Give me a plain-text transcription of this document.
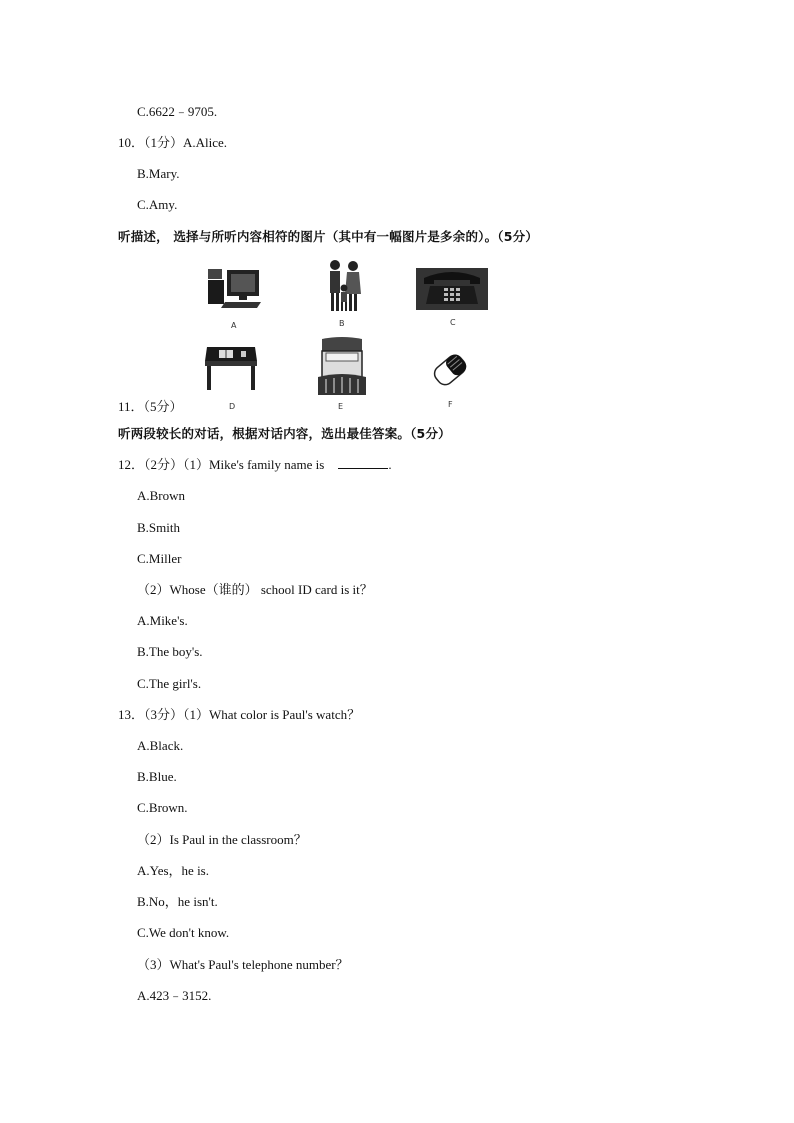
C.6622﹣9705.
10．（1分）A.Alice.
B.Mary.
C.Amy.
听描述， 选择与所听内容相符的图片（其中有一幅图片是多余的）。（5分）
A	B	C
D	E	F
11．（5分）
听两段较长的对话，根据对话内容，选出最佳答案。（5分）
12．（2分）（1）Mike's family name is	.
A.Brown
B.Smith
C.Miller
（2）Whose（谁的） school ID card is it？
A.Mike's.
B.The boy's.
C.The girl's.
13．（3分）（1）What color is Paul's watch？
A.Black.
B.Blue.
C.Brown.
（2）Is Paul in the classroom？
A.Yes，he is.
B.No，he isn't.
C.We don't know.
（3）What's Paul's telephone number？
A.423﹣3152.
